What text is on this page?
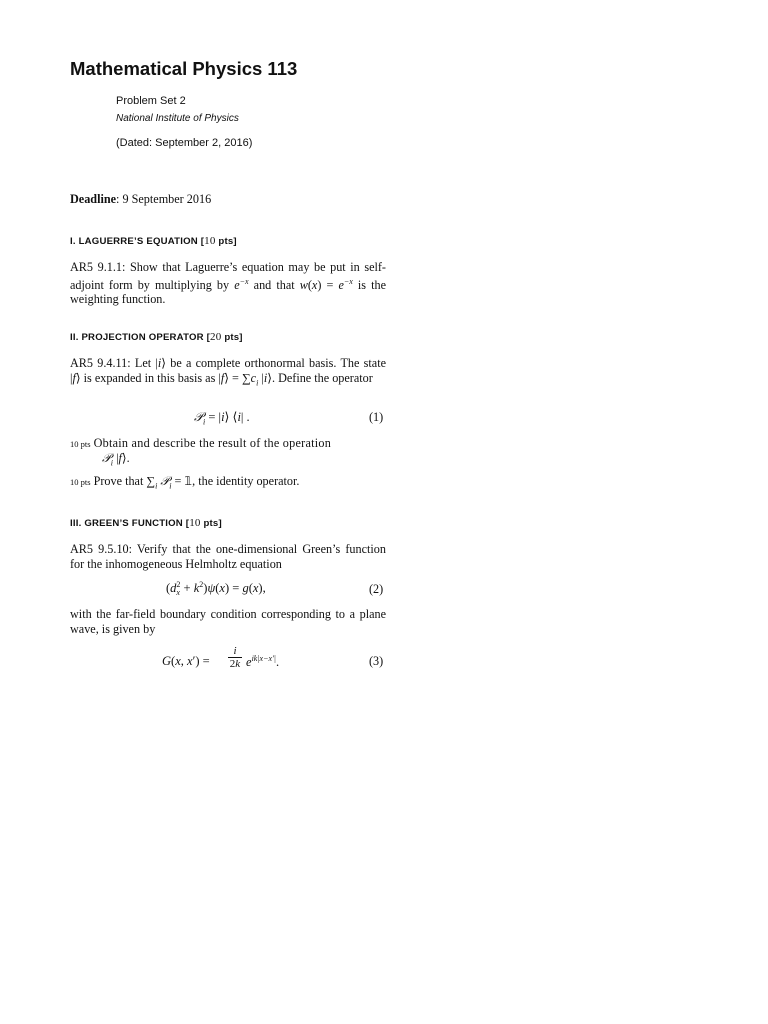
Mathematical Physics 113
Problem Set 2
National Institute of Physics
(Dated: September 2, 2016)
Deadline: 9 September 2016
I. LAGUERRE’S EQUATION [10 pts]
AR5 9.1.1: Show that Laguerre’s equation may be put in self-adjoint form by multiplying by $e^{-x}$ and that $w(x) = e^{-x}$ is the weighting function.
II. PROJECTION OPERATOR [20 pts]
AR5 9.4.11: Let |i⟩ be a complete orthonormal basis. The state |f⟩ is expanded in this basis as |f⟩ = $\sum c_i$ |i⟩. Define the operator
𝒫$_i$ = |i⟩ ⟨i| .	(1)
10 pts Obtain and describe the result of the operation
𝒫$_i$ |f⟩.
10 pts Prove that $\sum_i$ 𝒫$_i$ = 𝟙, the identity operator.
III. GREEN’S FUNCTION [10 pts]
AR5 9.5.10: Verify that the one-dimensional Green’s function for the inhomogeneous Helmholtz equation
(d 2
$x + k^2)\psi(x) = g(x)$,	(2)
with the far-field boundary condition corresponding to a plane wave, is given by
G(x, x′) =
i
2k $e^{ik|x-x'|}$.	(3)
